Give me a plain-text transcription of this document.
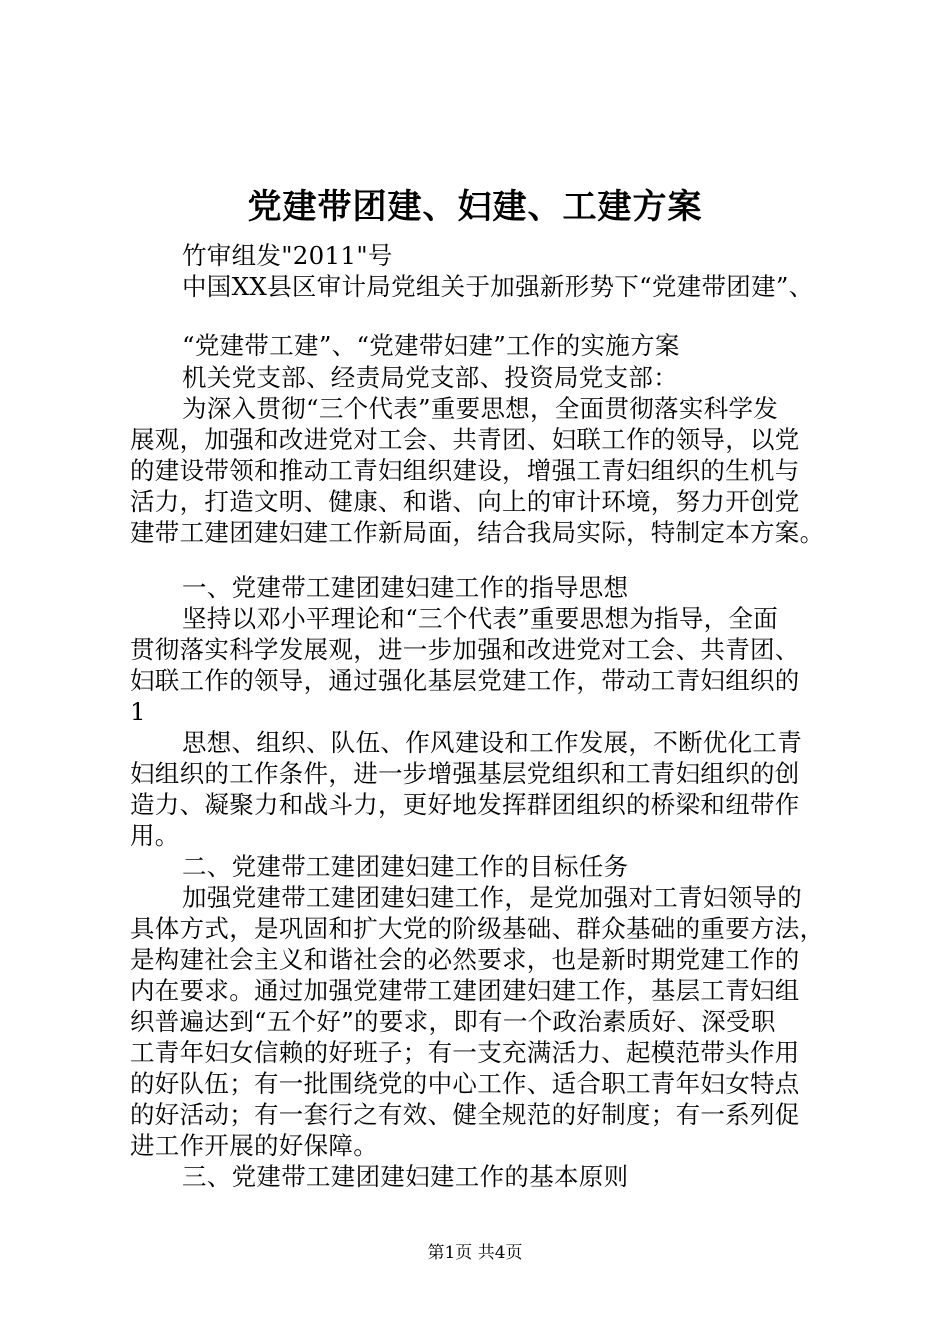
党建带团建、妇建、工建方案
竹审组发"2011"号
中国XX县区审计局党组关于加强新形势下“党建带团建”、
“党建带工建”、“党建带妇建”工作的实施方案
机关党支部、经责局党支部、投资局党支部：
为深入贯彻“三个代表”重要思想，全面贯彻落实科学发
展观，加强和改进党对工会、共青团、妇联工作的领导，以党
的建设带领和推动工青妇组织建设，增强工青妇组织的生机与
活力，打造文明、健康、和谐、向上的审计环境，努力开创党
建带工建团建妇建工作新局面，结合我局实际，特制定本方案。
一、党建带工建团建妇建工作的指导思想
坚持以邓小平理论和“三个代表”重要思想为指导，全面
贯彻落实科学发展观，进一步加强和改进党对工会、共青团、
妇联工作的领导，通过强化基层党建工作，带动工青妇组织的
1
思想、组织、队伍、作风建设和工作发展，不断优化工青
妇组织的工作条件，进一步增强基层党组织和工青妇组织的创
造力、凝聚力和战斗力，更好地发挥群团组织的桥梁和纽带作
用。
二、党建带工建团建妇建工作的目标任务
加强党建带工建团建妇建工作，是党加强对工青妇领导的
具体方式，是巩固和扩大党的阶级基础、群众基础的重要方法，
是构建社会主义和谐社会的必然要求，也是新时期党建工作的
内在要求。通过加强党建带工建团建妇建工作，基层工青妇组
织普遍达到“五个好”的要求，即有一个政治素质好、深受职
工青年妇女信赖的好班子；有一支充满活力、起模范带头作用
的好队伍；有一批围绕党的中心工作、适合职工青年妇女特点
的好活动；有一套行之有效、健全规范的好制度；有一系列促
进工作开展的好保障。
三、党建带工建团建妇建工作的基本原则
第1页 共4页
